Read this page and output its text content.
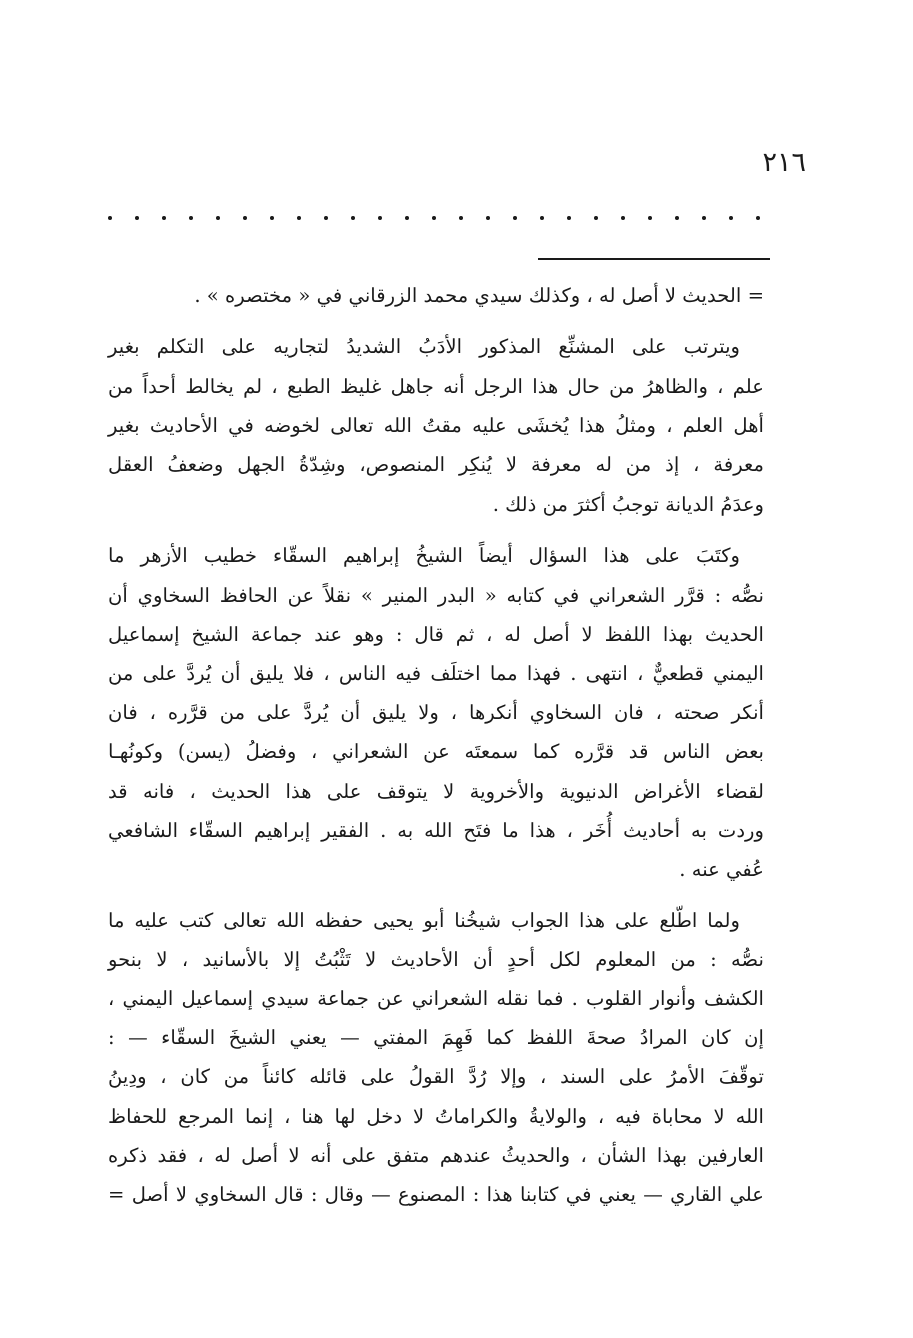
٢١٦
= الحديث لا أصل له ، وكذلك سيدي محمد الزرقاني في « مختصره » .
ويترتب على المشنِّع المذكور الأدَبُ الشديدُ لتجاريه على التكلم بغير
علم ، والظاهرُ من حال هذا الرجل أنه جاهل غليظ الطبع ، لم يخالط أحداً من
أهل العلم ، ومثلُ هذا يُخشَى عليه مقتُ الله تعالى لخوضه في الأحاديث بغير
معرفة ، إذ من له معرفة لا يُنكِر المنصوص، وشِدّةُ الجهل وضعفُ العقل
وعدَمُ الديانة توجبُ أكثرَ من ذلك .
وكتَبَ على هذا السؤال أيضاً الشيخُ إبراهيم السقّاء خطيب الأزهر ما
نصُّه : قرَّر الشعراني في كتابه « البدر المنير » نقلاً عن الحافظ السخاوي أن
الحديث بهذا اللفظ لا أصل له ، ثم قال : وهو عند جماعة الشيخ إسماعيل
اليمني قطعيٌّ ، انتهى . فهذا مما اختلَف فيه الناس ، فلا يليق أن يُردَّ على من
أنكر صحته ، فان السخاوي أنكرها ، ولا يليق أن يُردَّ على من قرَّره ، فان
بعض الناس قد قرَّره كما سمعتَه عن الشعراني ، وفضلُ (يسن) وكونُهـا
لقضاء الأغراض الدنيوية والأخروية لا يتوقف على هذا الحديث ، فانه قد
وردت به أحاديث أُخَر ، هذا ما فتَح الله به . الفقير إبراهيم السقّاء الشافعي
عُفي عنه .
ولما اطّلع على هذا الجواب شيخُنا أبو يحيى حفظه الله تعالى كتب عليه ما
نصُّه : من المعلوم لكل أحدٍ أن الأحاديث لا تَثْبُتُ إلا بالأسانيد ، لا بنحو
الكشف وأنوار القلوب . فما نقله الشعراني عن جماعة سيدي إسماعيل اليمني ،
إن كان المرادُ صحةَ اللفظ كما فَهِمَ المفتي — يعني الشيخَ السقّاء — :
توقّفَ الأمرُ على السند ، وإلا رُدَّ القولُ على قائله كائناً من كان ، ودِينُ
الله لا محاباة فيه ، والولايةُ والكراماتُ لا دخل لها هنا ، إنما المرجع للحفاظ
العارفين بهذا الشأن ، والحديثُ عندهم متفق على أنه لا أصل له ، فقد ذكره
علي القاري — يعني في كتابنا هذا : المصنوع — وقال : قال السخاوي لا أصل =
